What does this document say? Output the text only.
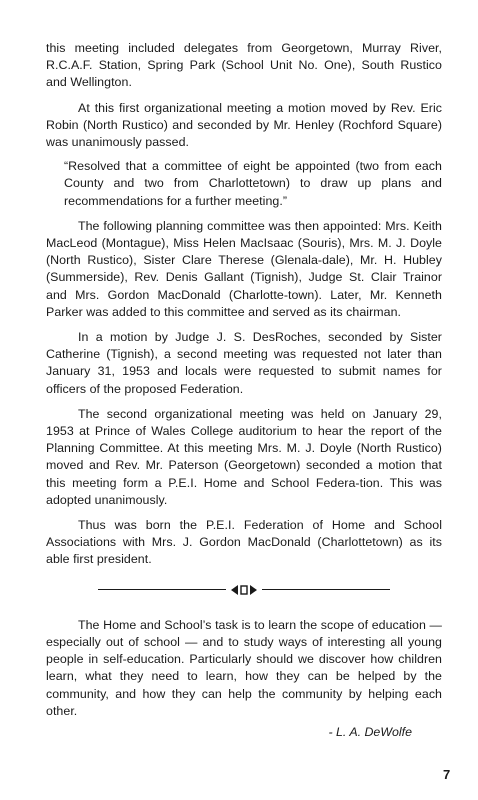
this meeting included delegates from Georgetown, Murray River, R.C.A.F. Station, Spring Park (School Unit No. One), South Rustico and Wellington.

At this first organizational meeting a motion moved by Rev. Eric Robin (North Rustico) and seconded by Mr. Henley (Rochford Square) was unanimously passed.

“Resolved that a committee of eight be appointed (two from each County and two from Charlottetown) to draw up plans and recommendations for a further meeting.”

The following planning committee was then appointed: Mrs. Keith MacLeod (Montague), Miss Helen MacIsaac (Souris), Mrs. M. J. Doyle (North Rustico), Sister Clare Therese (Glenala-dale), Mr. H. Hubley (Summerside), Rev. Denis Gallant (Tignish), Judge St. Clair Trainor and Mrs. Gordon MacDonald (Charlotte-town). Later, Mr. Kenneth Parker was added to this committee and served as its chairman.

In a motion by Judge J. S. DesRoches, seconded by Sister Catherine (Tignish), a second meeting was requested not later than January 31, 1953 and locals were requested to submit names for officers of the proposed Federation.

The second organizational meeting was held on January 29, 1953 at Prince of Wales College auditorium to hear the report of the Planning Committee. At this meeting Mrs. M. J. Doyle (North Rustico) moved and Rev. Mr. Paterson (Georgetown) seconded a motion that this meeting form a P.E.I. Home and School Federa-tion. This was adopted unanimously.

Thus was born the P.E.I. Federation of Home and School Associations with Mrs. J. Gordon MacDonald (Charlottetown) as its able first president.

The Home and School’s task is to learn the scope of education — especially out of school — and to study ways of interesting all young people in self-education. Particularly should we discover how children learn, what they need to learn, how they can be helped by the community, and how they can help the community by helping each other.

- L. A. DeWolfe
7
